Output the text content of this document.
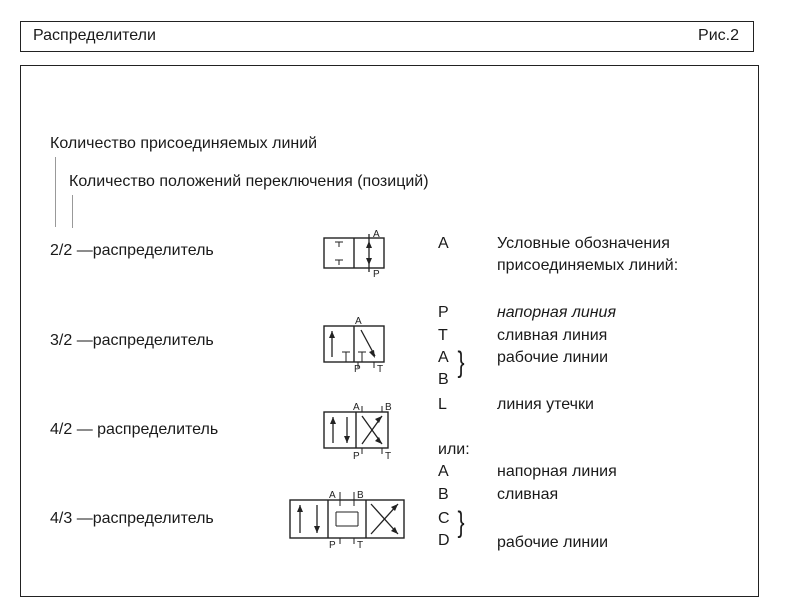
Распределители	Рис.2
Количество присоединяемых линий
Количество положений переключения (позиций)
2/2 —распределитель
3/2 —распределитель
4/2 — распределитель
4/3 —распределитель
A
P
A
P T
A	B
P	T
A B
P T
A	Условные обозначения
присоединяемых линий:
P	напорная линия
T	сливная линия
A
B
} рабочие линии
L	линия утечки
или:
A	напорная линия
B	сливная
C
D
}
рабочие линии
